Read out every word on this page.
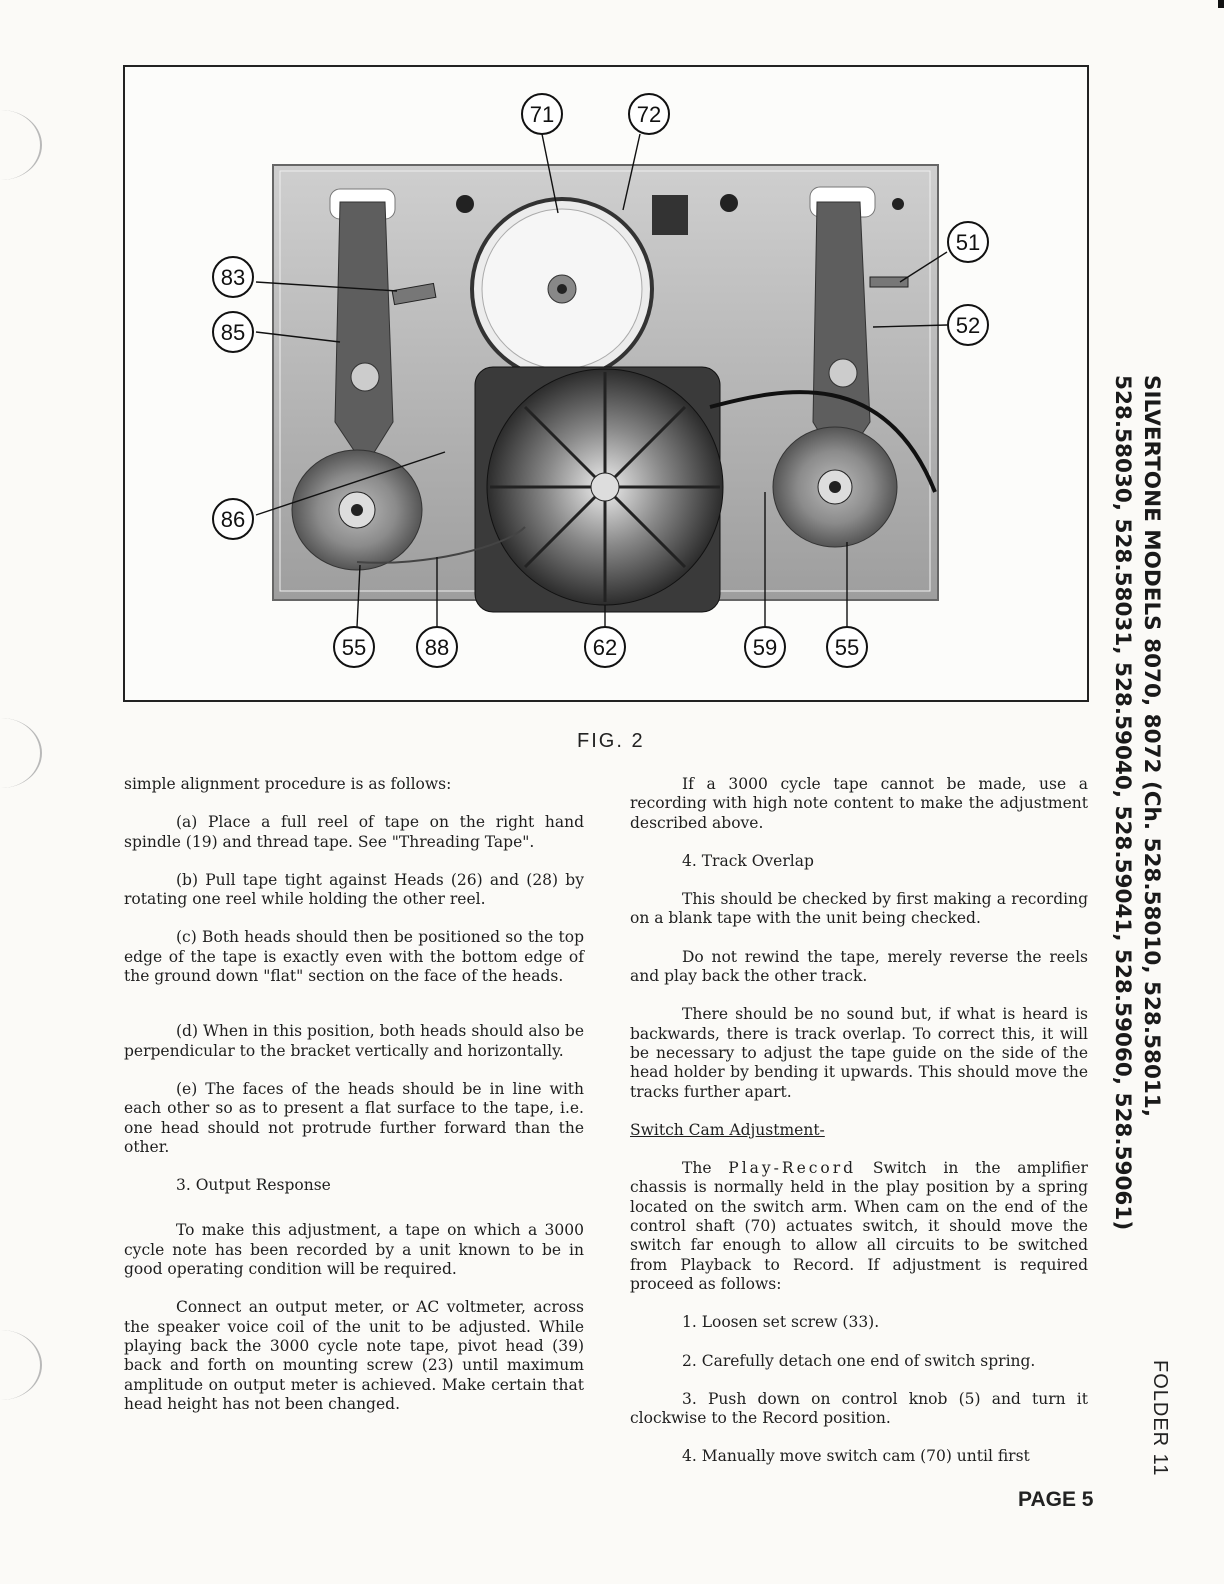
71	72
51
52
83
85
86
55	88	62	59	55
FIG. 2

simple alignment procedure is as follows:

(a) Place a full reel of tape on the right hand spindle (19) and thread tape. See "Threading Tape".

(b) Pull tape tight against Heads (26) and (28) by rotating one reel while holding the other reel.

(c) Both heads should then be positioned so the top edge of the tape is exactly even with the bottom edge of the ground down "flat" section on the face of the heads.

(d) When in this position, both heads should also be perpendicular to the bracket vertically and horizontally.

(e) The faces of the heads should be in line with each other so as to present a flat surface to the tape, i.e. one head should not protrude further forward than the other.

3. Output Response

To make this adjustment, a tape on which a 3000 cycle note has been recorded by a unit known to be in good operating condition will be required.

Connect an output meter, or AC voltmeter, across the speaker voice coil of the unit to be adjusted. While playing back the 3000 cycle note tape, pivot head (39) back and forth on mounting screw (23) until maximum amplitude on output meter is achieved. Make certain that head height has not been changed.

If a 3000 cycle tape cannot be made, use a recording with high note content to make the adjustment described above.

4. Track Overlap

This should be checked by first making a recording on a blank tape with the unit being checked.

Do not rewind the tape, merely reverse the reels and play back the other track.

There should be no sound but, if what is heard is backwards, there is track overlap. To correct this, it will be necessary to adjust the tape guide on the side of the head holder by bending it upwards. This should move the tracks further apart.

Switch Cam Adjustment-

The Play-Record Switch in the amplifier chassis is normally held in the play position by a spring located on the switch arm. When cam on the end of the control shaft (70) actuates switch, it should move the switch far enough to allow all circuits to be switched from Playback to Record. If adjustment is required proceed as follows:

1. Loosen set screw (33).

2. Carefully detach one end of switch spring.

3. Push down on control knob (5) and turn it clockwise to the Record position.

4. Manually move switch cam (70) until first

SILVERTONE MODELS 8070, 8072 (Ch. 528.58010, 528.58011,
528.58030, 528.58031, 528.59040, 528.59041, 528.59060, 528.59061)
FOLDER 11
PAGE 5
